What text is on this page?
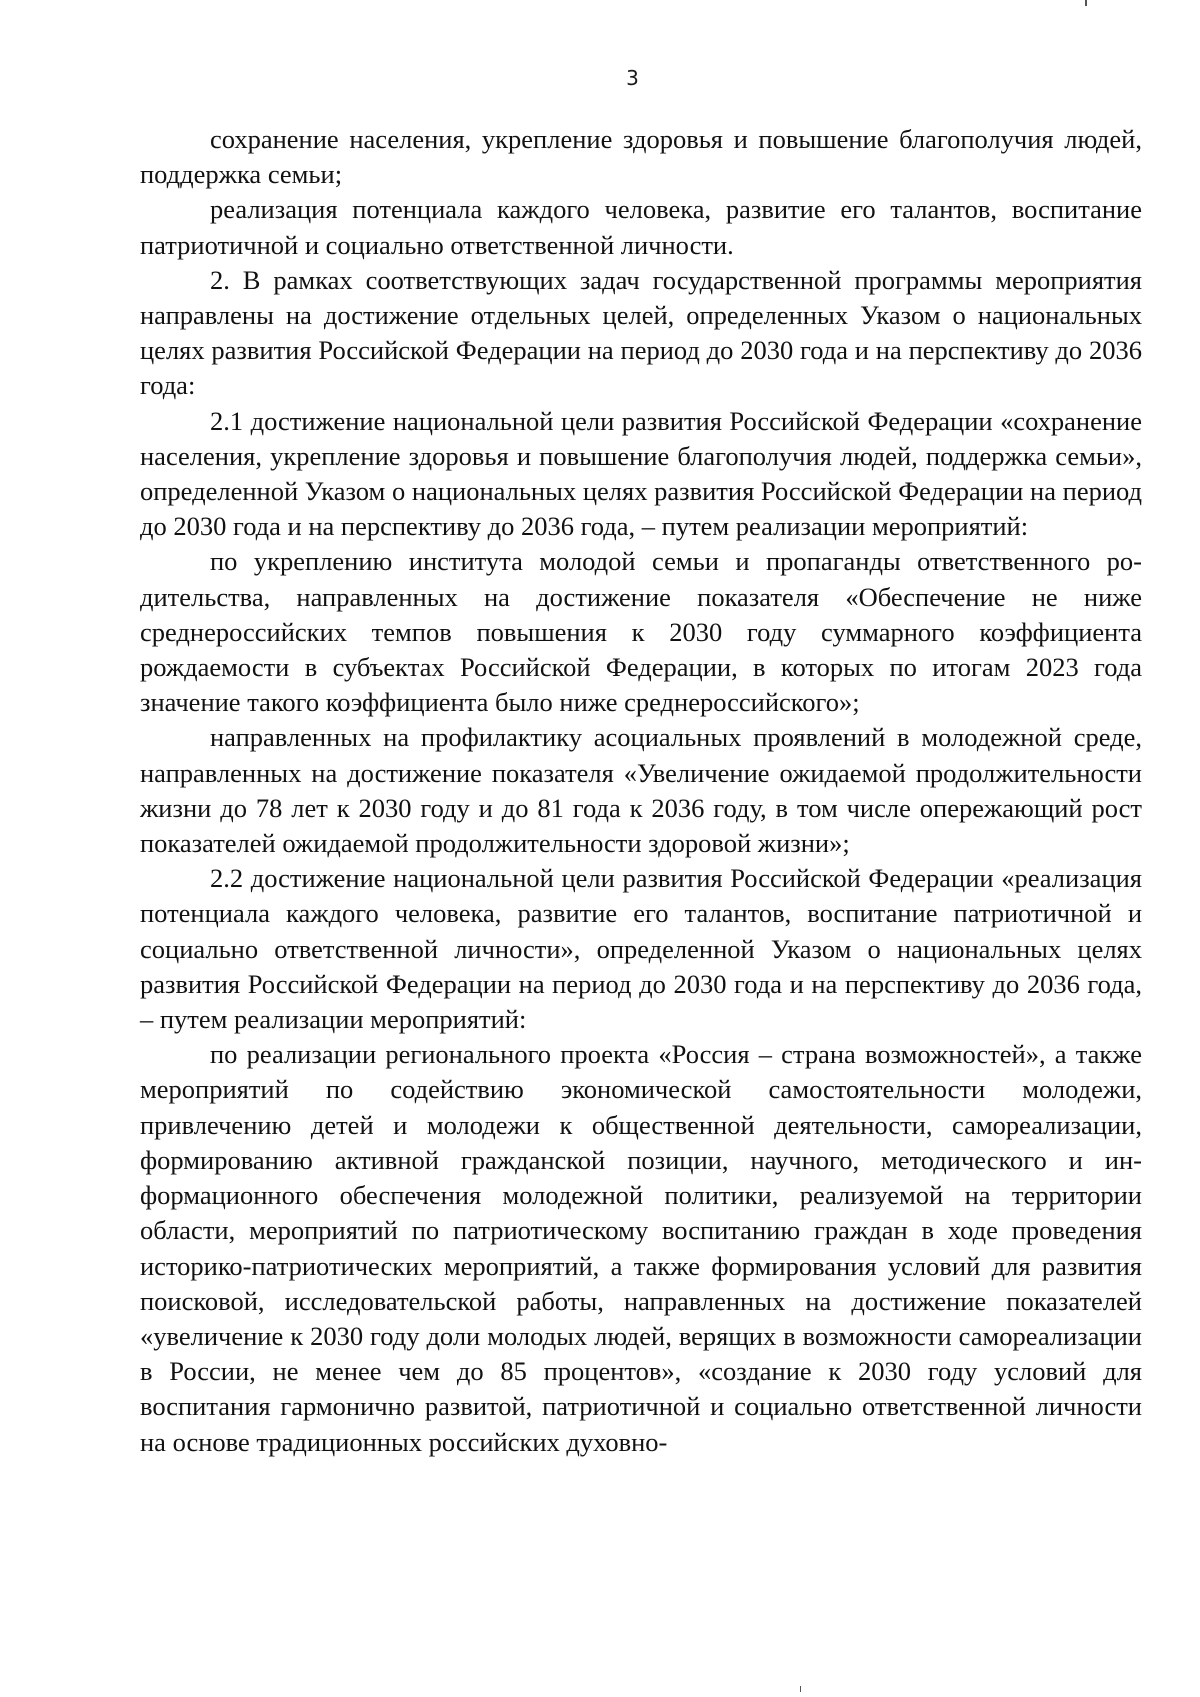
3

сохранение населения, укрепление здоровья и повышение благополучия людей, поддержка семьи;

реализация потенциала каждого человека, развитие его талантов, воспитание патриотичной и социально ответственной личности.

2. В рамках соответствующих задач государственной программы мероприятия направлены на достижение отдельных целей, определенных Указом о национальных целях развития Российской Федерации на период до 2030 года и на перспективу до 2036 года:

2.1 достижение национальной цели развития Российской Федерации «сохранение населения, укрепление здоровья и повышение благополучия людей, поддержка семьи», определенной Указом о национальных целях развития Российской Федерации на период до 2030 года и на перспективу до 2036 года, – путем реализации мероприятий:

по укреплению института молодой семьи и пропаганды ответственного родительства, направленных на достижение показателя «Обеспечение не ниже среднероссийских темпов повышения к 2030 году суммарного коэффициента рождаемости в субъектах Российской Федерации, в которых по итогам 2023 года значение такого коэффициента было ниже среднероссийского»;

направленных на профилактику асоциальных проявлений в молодежной среде, направленных на достижение показателя «Увеличение ожидаемой продолжительности жизни до 78 лет к 2030 году и до 81 года к 2036 году, в том числе опережающий рост показателей ожидаемой продолжительности здоровой жизни»;

2.2 достижение национальной цели развития Российской Федерации «реализация потенциала каждого человека, развитие его талантов, воспитание патриотичной и социально ответственной личности», определенной Указом о национальных целях развития Российской Федерации на период до 2030 года и на перспективу до 2036 года, – путем реализации мероприятий:

по реализации регионального проекта «Россия – страна возможностей», а также мероприятий по содействию экономической самостоятельности молодежи, привлечению детей и молодежи к общественной деятельности, самореализации, формированию активной гражданской позиции, научного, методического и информационного обеспечения молодежной политики, реализуемой на территории области, мероприятий по патриотическому воспитанию граждан в ходе проведения историко-патриотических мероприятий, а также формирования условий для развития поисковой, исследовательской работы, направленных на достижение показателей «увеличение к 2030 году доли молодых людей, верящих в возможности самореализации в России, не менее чем до 85 процентов», «создание к 2030 году условий для воспитания гармонично развитой, патриотичной и социально ответственной личности на основе традиционных российских духовно-
